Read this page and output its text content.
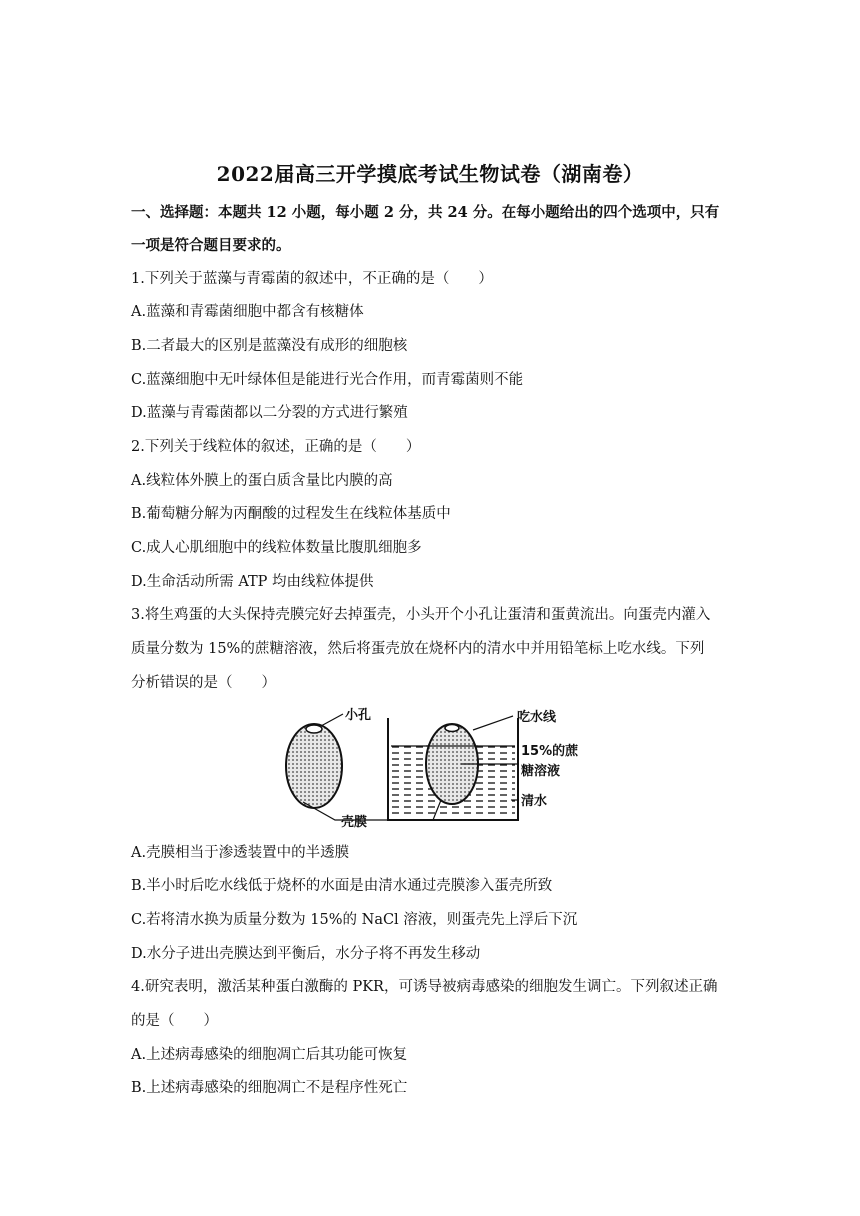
2022届高三开学摸底考试生物试卷（湖南卷）
一、选择题：本题共 12 小题，每小题 2 分，共 24 分。在每小题给出的四个选项中，只有
一项是符合题目要求的。
1.下列关于蓝藻与青霉菌的叙述中，不正确的是（　　）
A.蓝藻和青霉菌细胞中都含有核糖体
B.二者最大的区别是蓝藻没有成形的细胞核
C.蓝藻细胞中无叶绿体但是能进行光合作用，而青霉菌则不能
D.蓝藻与青霉菌都以二分裂的方式进行繁殖
2.下列关于线粒体的叙述，正确的是（　　）
A.线粒体外膜上的蛋白质含量比内膜的高
B.葡萄糖分解为丙酮酸的过程发生在线粒体基质中
C.成人心肌细胞中的线粒体数量比腹肌细胞多
D.生命活动所需 ATP 均由线粒体提供
3.将生鸡蛋的大头保持壳膜完好去掉蛋壳，小头开个小孔让蛋清和蛋黄流出。向蛋壳内灌入
质量分数为 15%的蔗糖溶液，然后将蛋壳放在烧杯内的清水中并用铅笔标上吃水线。下列
分析错误的是（　　）
小孔	吃水线
15%的蔗
糖溶液
清水
壳膜
A.壳膜相当于渗透装置中的半透膜
B.半小时后吃水线低于烧杯的水面是由清水通过壳膜渗入蛋壳所致
C.若将清水换为质量分数为 15%的 NaCl 溶液，则蛋壳先上浮后下沉
D.水分子进出壳膜达到平衡后，水分子将不再发生移动
4.研究表明，激活某种蛋白激酶的 PKR，可诱导被病毒感染的细胞发生调亡。下列叙述正确
的是（　　）
A.上述病毒感染的细胞凋亡后其功能可恢复
B.上述病毒感染的细胞凋亡不是程序性死亡
